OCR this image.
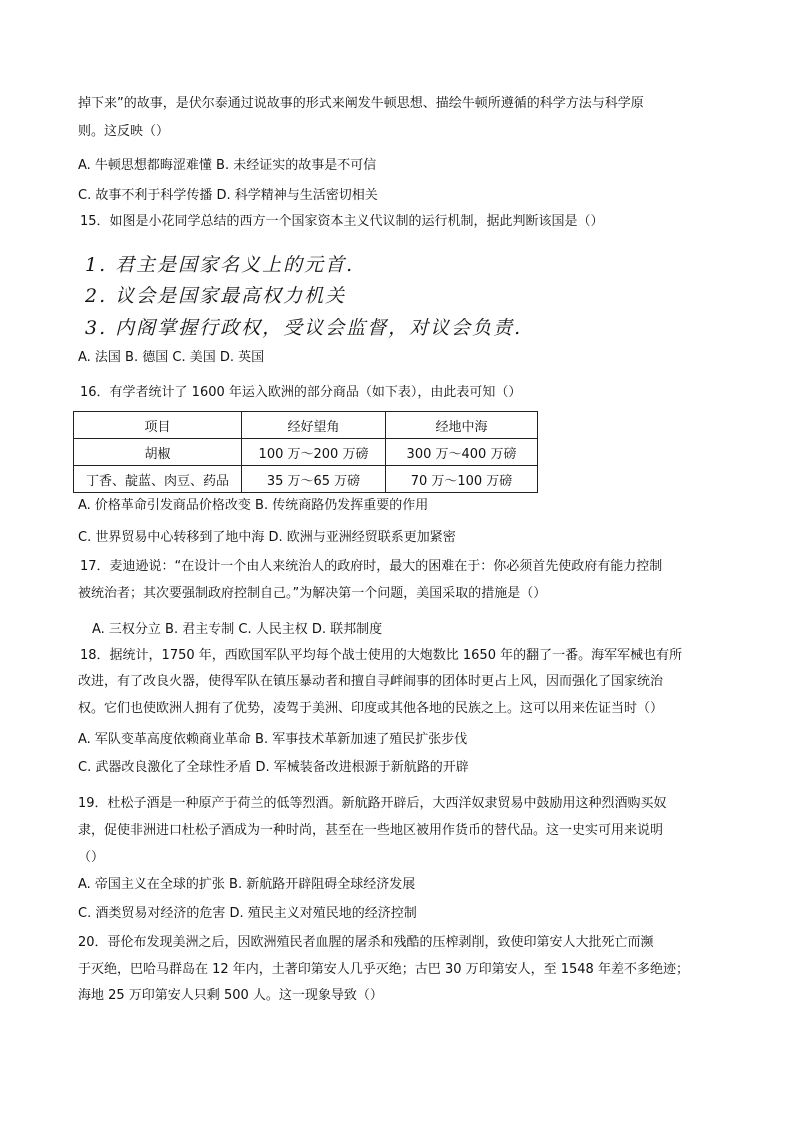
掉下来”的故事，是伏尔泰通过说故事的形式来阐发牛顿思想、描绘牛顿所遵循的科学方法与科学原
则。这反映（）
A. 牛顿思想都晦涩难懂 B. 未经证实的故事是不可信
C. 故事不利于科学传播 D. 科学精神与生活密切相关
15．如图是小花同学总结的西方一个国家资本主义代议制的运行机制，据此判断该国是（）
1. 君主是国家名义上的元首.
2. 议会是国家最高权力机关
3. 内阁掌握行政权，受议会监督，对议会负责.
A. 法国 B. 德国 C. 美国 D. 英国
16．有学者统计了 1600 年运入欧洲的部分商品（如下表），由此表可知（）
项目	经好望角	经地中海
胡椒	100 万～200 万磅	300 万～400 万磅
丁香、靛蓝、肉豆、药品	35 万～65 万磅	70 万～100 万磅
A. 价格革命引发商品价格改变 B. 传统商路仍发挥重要的作用
C. 世界贸易中心转移到了地中海 D. 欧洲与亚洲经贸联系更加紧密
17．麦迪逊说：“在设计一个由人来统治人的政府时，最大的困难在于：你必须首先使政府有能力控制
被统治者；其次要强制政府控制自己。”为解决第一个问题，美国采取的措施是（）
A. 三权分立 B. 君主专制 C. 人民主权 D. 联邦制度
18．据统计，1750 年，西欧国军队平均每个战士使用的大炮数比 1650 年的翻了一番。海军军械也有所
改进，有了改良火器，使得军队在镇压暴动者和擅自寻衅闹事的团体时更占上风，因而强化了国家统治
权。它们也使欧洲人拥有了优势，凌驾于美洲、印度或其他各地的民族之上。这可以用来佐证当时（）
A. 军队变革高度依赖商业革命 B. 军事技术革新加速了殖民扩张步伐
C. 武器改良激化了全球性矛盾 D. 军械装备改进根源于新航路的开辟
19．杜松子酒是一种原产于荷兰的低等烈酒。新航路开辟后，大西洋奴隶贸易中鼓励用这种烈酒购买奴
隶，促使非洲进口杜松子酒成为一种时尚，甚至在一些地区被用作货币的替代品。这一史实可用来说明
（）
A. 帝国主义在全球的扩张 B. 新航路开辟阻碍全球经济发展
C. 酒类贸易对经济的危害 D. 殖民主义对殖民地的经济控制
20．哥伦布发现美洲之后，因欧洲殖民者血腥的屠杀和残酷的压榨剥削，致使印第安人大批死亡而濒
于灭绝，巴哈马群岛在 12 年内，土著印第安人几乎灭绝；古巴 30 万印第安人，至 1548 年差不多绝迹；
海地 25 万印第安人只剩 500 人。这一现象导致（）
